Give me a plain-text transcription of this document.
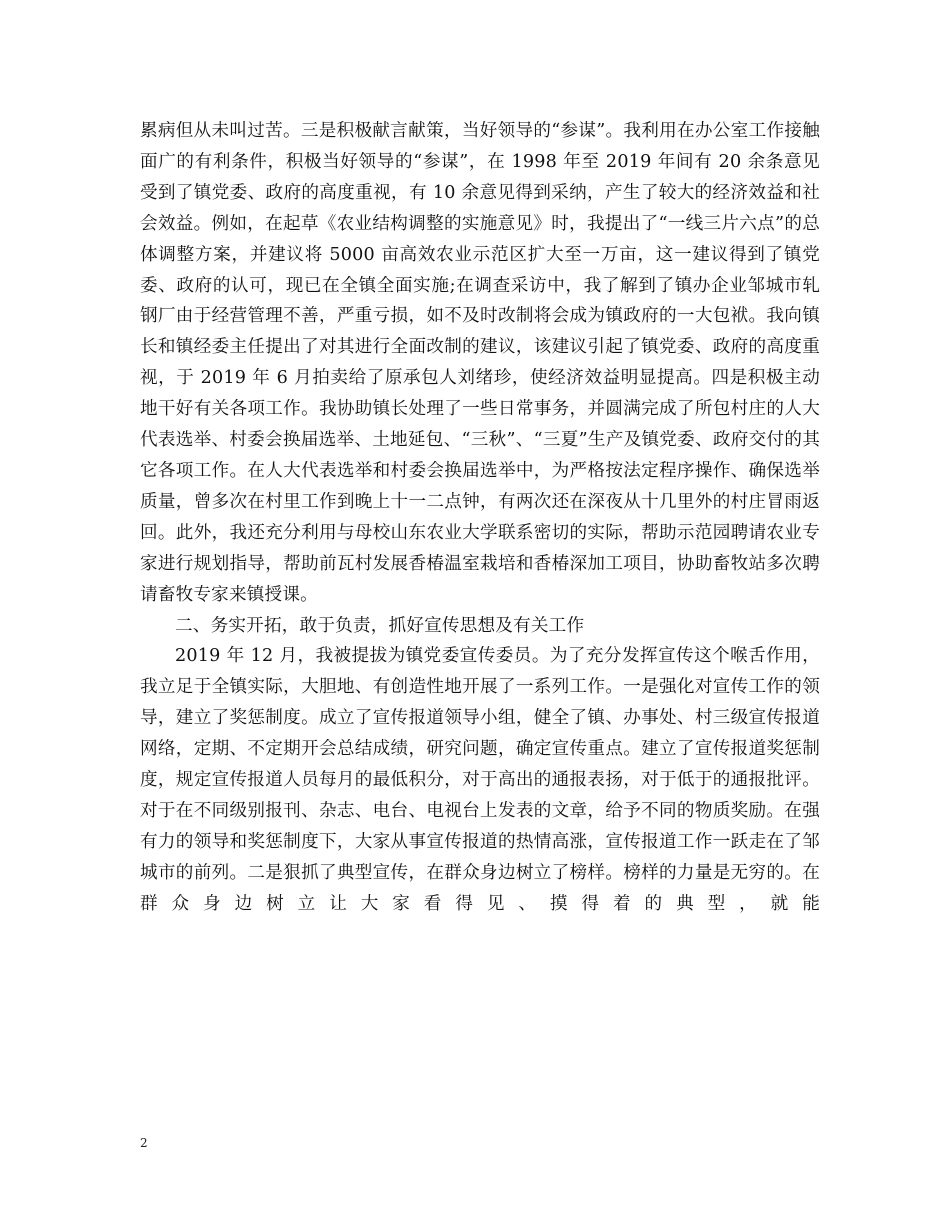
累病但从未叫过苦。三是积极献言献策，当好领导的“参谋”。我利用在办公室工作接触面广的有利条件，积极当好领导的“参谋”，在 1998 年至 2019 年间有 20 余条意见受到了镇党委、政府的高度重视，有 10 余意见得到采纳，产生了较大的经济效益和社会效益。例如，在起草《农业结构调整的实施意见》时，我提出了“一线三片六点”的总体调整方案，并建议将 5000 亩高效农业示范区扩大至一万亩，这一建议得到了镇党委、政府的认可，现已在全镇全面实施;在调查采访中，我了解到了镇办企业邹城市轧钢厂由于经营管理不善，严重亏损，如不及时改制将会成为镇政府的一大包袱。我向镇长和镇经委主任提出了对其进行全面改制的建议，该建议引起了镇党委、政府的高度重视，于 2019 年 6 月拍卖给了原承包人刘绪珍，使经济效益明显提高。四是积极主动地干好有关各项工作。我协助镇长处理了一些日常事务，并圆满完成了所包村庄的人大代表选举、村委会换届选举、土地延包、“三秋”、“三夏”生产及镇党委、政府交付的其它各项工作。在人大代表选举和村委会换届选举中，为严格按法定程序操作、确保选举质量，曾多次在村里工作到晚上十一二点钟，有两次还在深夜从十几里外的村庄冒雨返回。此外，我还充分利用与母校山东农业大学联系密切的实际，帮助示范园聘请农业专家进行规划指导，帮助前瓦村发展香椿温室栽培和香椿深加工项目，协助畜牧站多次聘请畜牧专家来镇授课。

二、务实开拓，敢于负责，抓好宣传思想及有关工作

2019 年 12 月，我被提拔为镇党委宣传委员。为了充分发挥宣传这个喉舌作用，我立足于全镇实际，大胆地、有创造性地开展了一系列工作。一是强化对宣传工作的领导，建立了奖惩制度。成立了宣传报道领导小组，健全了镇、办事处、村三级宣传报道网络，定期、不定期开会总结成绩，研究问题，确定宣传重点。建立了宣传报道奖惩制度，规定宣传报道人员每月的最低积分，对于高出的通报表扬，对于低于的通报批评。对于在不同级别报刊、杂志、电台、电视台上发表的文章，给予不同的物质奖励。在强有力的领导和奖惩制度下，大家从事宣传报道的热情高涨，宣传报道工作一跃走在了邹城市的前列。二是狠抓了典型宣传，在群众身边树立了榜样。榜样的力量是无穷的。在群众身边树立让大家看得见、摸得着的典型，就能

2
